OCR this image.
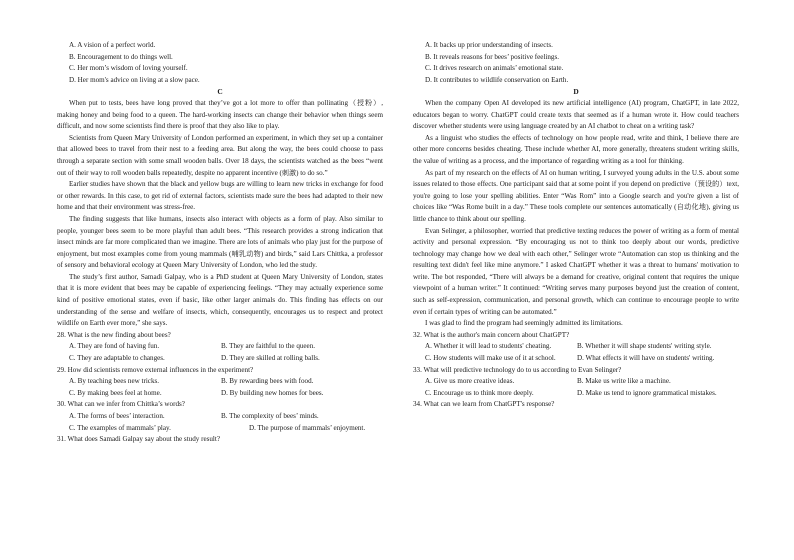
A. A vision of a perfect world.
B. Encouragement to do things well.
C. Her mom’s wisdom of loving yourself.
D. Her mom's advice on living at a slow pace.
C

When put to tests, bees have long proved that they’ve got a lot more to offer than pollinating（授粉）, making honey and being food to a queen. The hard-working insects can change their behavior when things seem difficult, and now some scientists find there is proof that they also like to play.

Scientists from Queen Mary University of London performed an experiment, in which they set up a container that allowed bees to travel from their nest to a feeding area. But along the way, the bees could choose to pass through a separate section with some small wooden balls. Over 18 days, the scientists watched as the bees “went out of their way to roll wooden balls repeatedly, despite no apparent incentive (刺激) to do so.”

Earlier studies have shown that the black and yellow bugs are willing to learn new tricks in exchange for food or other rewards. In this case, to get rid of external factors, scientists made sure the bees had adapted to their new home and that their environment was stress-free.

The finding suggests that like humans, insects also interact with objects as a form of play. Also similar to people, younger bees seem to be more playful than adult bees. “This research provides a strong indication that insect minds are far more complicated than we imagine. There are lots of animals who play just for the purpose of enjoyment, but most examples come from young mammals (哺乳动物) and birds,” said Lars Chittka, a professor of sensory and behavioral ecology at Queen Mary University of London, who led the study.

The study’s first author, Samadi Galpay, who is a PhD student at Queen Mary University of London, states that it is more evident that bees may be capable of experiencing feelings. “They may actually experience some kind of positive emotional states, even if basic, like other larger animals do. This finding has effects on our understanding of the sense and welfare of insects, which, consequently, encourages us to respect and protect wildlife on Earth ever more,” she says.

28. What is the new finding about bees?
A. They are fond of having fun.	B. They are faithful to the queen.
C. They are adaptable to changes.	D. They are skilled at rolling balls.
29. How did scientists remove external influences in the experiment?
A. By teaching bees new tricks.	B. By rewarding bees with food.
C. By making bees feel at home.	D. By building new homes for bees.
30. What can we infer from Chittka’s words?
A. The forms of bees’ interaction.	B. The complexity of bees’ minds.
C. The examples of mammals’ play.	D. The purpose of mammals’ enjoyment.
31. What does Samadi Galpay say about the study result?
A. It backs up prior understanding of insects.
B. It reveals reasons for bees’ positive feelings.
C. It drives research on animals’ emotional state.
D. It contributes to wildlife conservation on Earth.
D

When the company Open AI developed its new artificial intelligence (AI) program, ChatGPT, in late 2022, educators began to worry. ChatGPT could create texts that seemed as if a human wrote it. How could teachers discover whether students were using language created by an AI chatbot to cheat on a writing task?

As a linguist who studies the effects of technology on how people read, write and think, I believe there are other more concerns besides cheating. These include whether AI, more generally, threatens student writing skills, the value of writing as a process, and the importance of regarding writing as a tool for thinking.

As part of my research on the effects of AI on human writing, I surveyed young adults in the U.S. about some issues related to those effects. One participant said that at some point if you depend on predictive（预设的）text, you're going to lose your spelling abilities. Enter “Was Rom” into a Google search and you're given a list of choices like “Was Rome built in a day.” These tools complete our sentences automatically (自动化地), giving us little chance to think about our spelling.

Evan Selinger, a philosopher, worried that predictive texting reduces the power of writing as a form of mental activity and personal expression. “By encouraging us not to think too deeply about our words, predictive technology may change how we deal with each other,” Selinger wrote “Automation can stop us thinking and the resulting text didn't feel like mine anymore.” I asked ChatGPT whether it was a threat to humans' motivation to write. The bot responded, “There will always be a demand for creative, original content that requires the unique viewpoint of a human writer.” It continued: “Writing serves many purposes beyond just the creation of content, such as self-expression, communication, and personal growth, which can continue to encourage people to write even if certain types of writing can be automated.”

I was glad to find the program had seemingly admitted its limitations.

32. What is the author's main concern about ChatGPT?
A. Whether it will lead to students' cheating.	B. Whether it will shape students' writing style.
C. How students will make use of it at school.	D. What effects it will have on students' writing.
33. What will predictive technology do to us according to Evan Selinger?
A. Give us more creative ideas.	B. Make us write like a machine.
C. Encourage us to think more deeply.	D. Make us tend to ignore grammatical mistakes.
34. What can we learn from ChatGPT's response?
